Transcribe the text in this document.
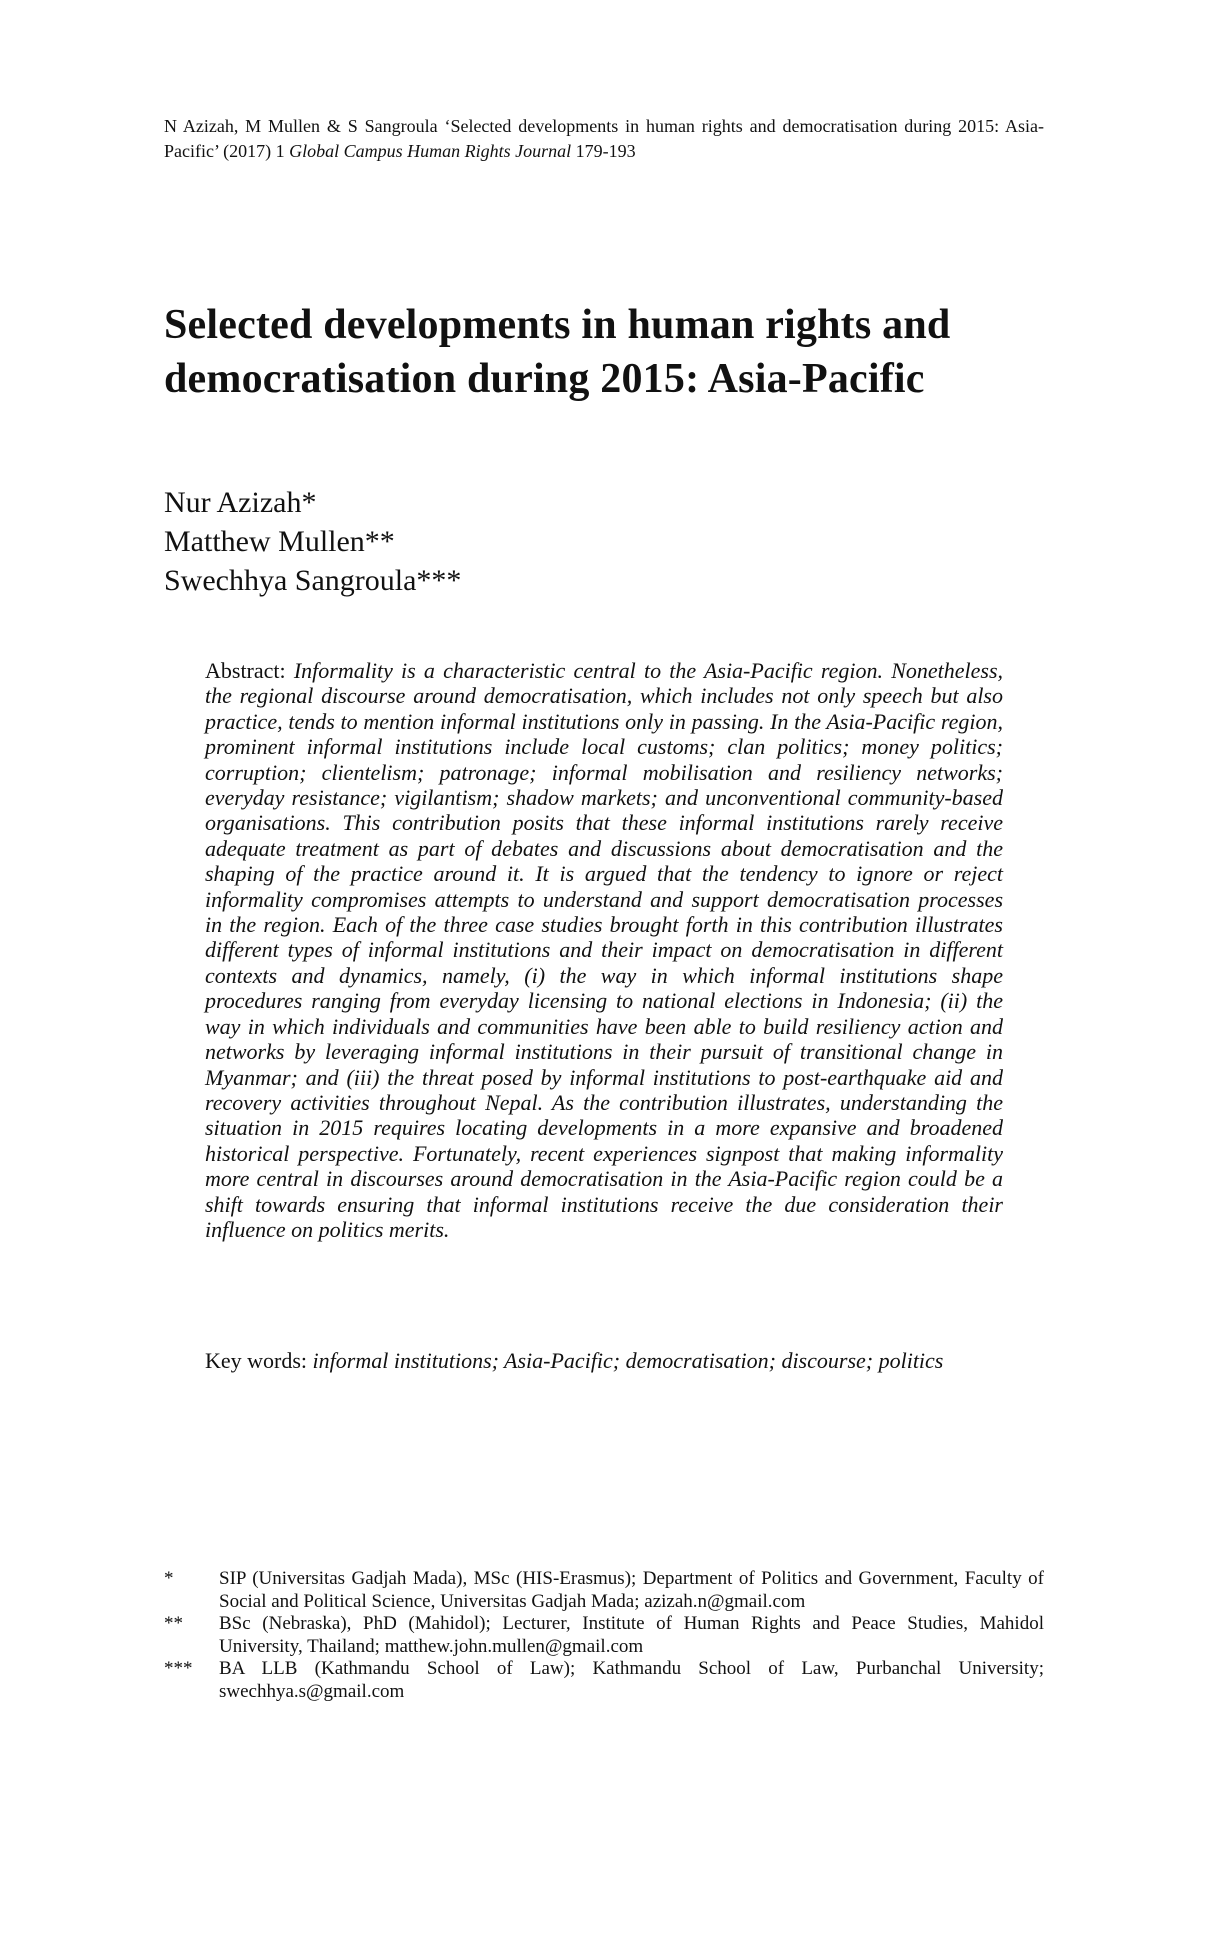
N Azizah, M Mullen & S Sangroula ‘Selected developments in human rights and democratisation during 2015: Asia-Pacific’ (2017) 1 Global Campus Human Rights Journal 179-193
Selected developments in human rights and democratisation during 2015: Asia-Pacific
Nur Azizah*
Matthew Mullen**
Swechhya Sangroula***
Abstract: Informality is a characteristic central to the Asia-Pacific region. Nonetheless, the regional discourse around democratisation, which includes not only speech but also practice, tends to mention informal institutions only in passing. In the Asia-Pacific region, prominent informal institutions include local customs; clan politics; money politics; corruption; clientelism; patronage; informal mobilisation and resiliency networks; everyday resistance; vigilantism; shadow markets; and unconventional community-based organisations. This contribution posits that these informal institutions rarely receive adequate treatment as part of debates and discussions about democratisation and the shaping of the practice around it. It is argued that the tendency to ignore or reject informality compromises attempts to understand and support democratisation processes in the region. Each of the three case studies brought forth in this contribution illustrates different types of informal institutions and their impact on democratisation in different contexts and dynamics, namely, (i) the way in which informal institutions shape procedures ranging from everyday licensing to national elections in Indonesia; (ii) the way in which individuals and communities have been able to build resiliency action and networks by leveraging informal institutions in their pursuit of transitional change in Myanmar; and (iii) the threat posed by informal institutions to post-earthquake aid and recovery activities throughout Nepal. As the contribution illustrates, understanding the situation in 2015 requires locating developments in a more expansive and broadened historical perspective. Fortunately, recent experiences signpost that making informality more central in discourses around democratisation in the Asia-Pacific region could be a shift towards ensuring that informal institutions receive the due consideration their influence on politics merits.
Key words: informal institutions; Asia-Pacific; democratisation; discourse; politics
*	SIP (Universitas Gadjah Mada), MSc (HIS-Erasmus); Department of Politics and Government, Faculty of Social and Political Science, Universitas Gadjah Mada; azizah.n@gmail.com
**	BSc (Nebraska), PhD (Mahidol); Lecturer, Institute of Human Rights and Peace Studies, Mahidol University, Thailand; matthew.john.mullen@gmail.com
***	BA LLB (Kathmandu School of Law); Kathmandu School of Law, Purbanchal University; swechhya.s@gmail.com
